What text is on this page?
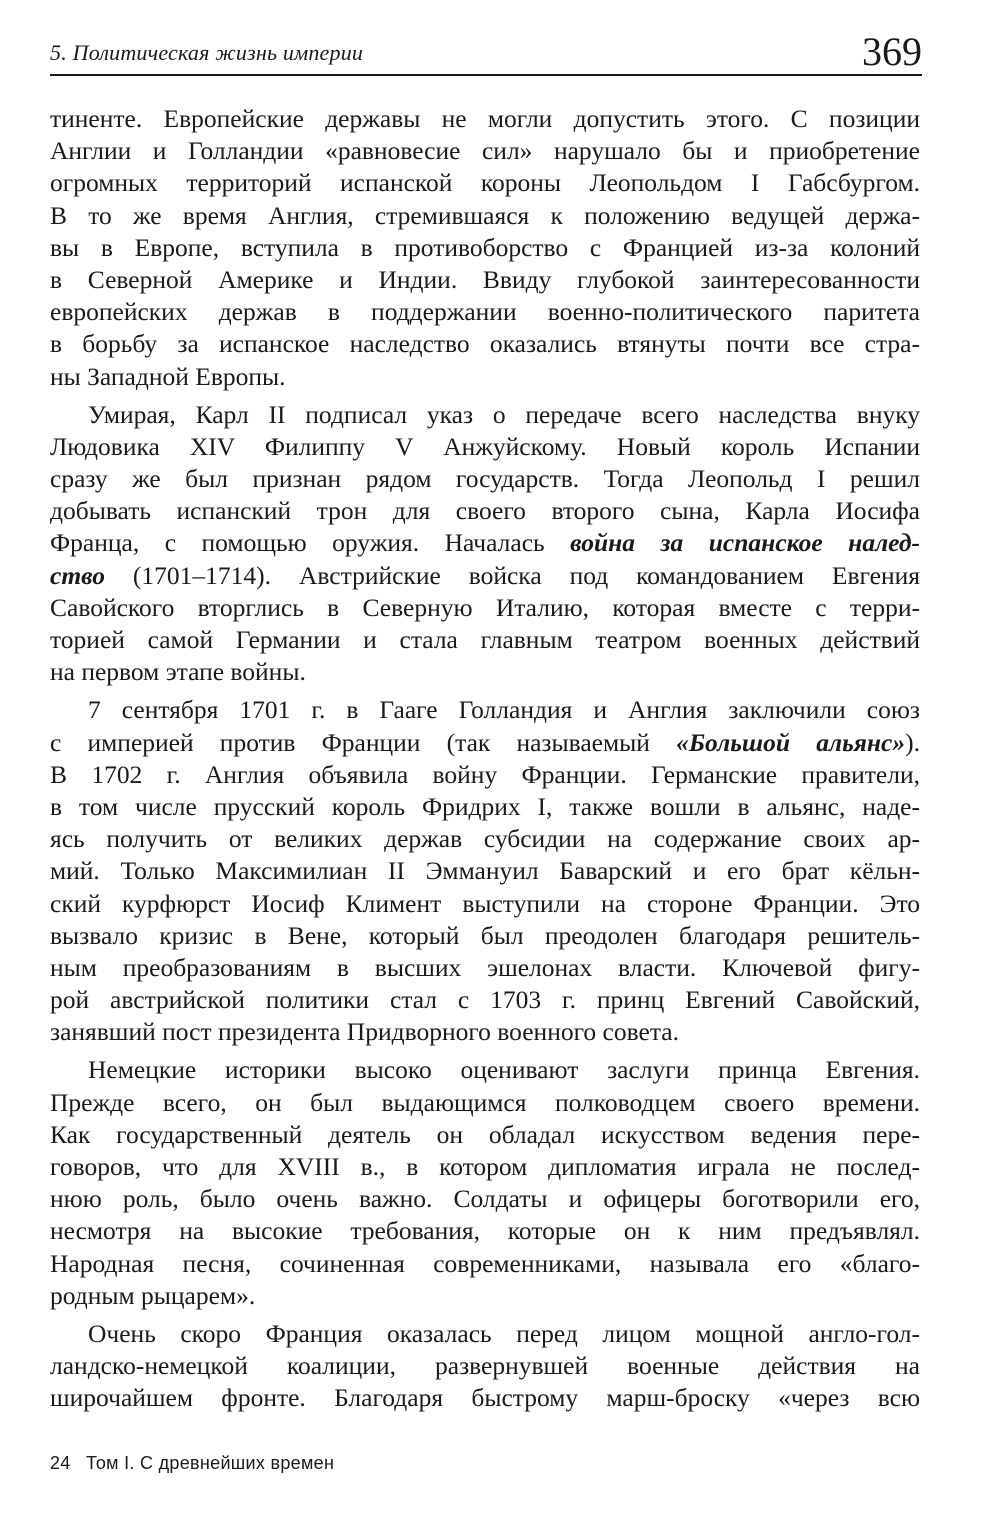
5. Политическая жизнь империи	369
тиненте. Европейские державы не могли допустить этого. С позиции
Англии и Голландии «равновесие сил» нарушало бы и приобретение
огромных территорий испанской короны Леопольдом I Габсбургом.
В то же время Англия, стремившаяся к положению ведущей держа-
вы в Европе, вступила в противоборство с Францией из-за колоний
в Северной Америке и Индии. Ввиду глубокой заинтересованности
европейских держав в поддержании военно-политического паритета
в борьбу за испанское наследство оказались втянуты почти все стра-
ны Западной Европы.
Умирая, Карл II подписал указ о передаче всего наследства внуку
Людовика XIV Филиппу V Анжуйскому. Новый король Испании
сразу же был признан рядом государств. Тогда Леопольд I решил
добывать испанский трон для своего второго сына, Карла Иосифа
Франца, с помощью оружия. Началась война за испанское налед-
ство (1701–1714). Австрийские войска под командованием Евгения
Савойского вторглись в Северную Италию, которая вместе с терри-
торией самой Германии и стала главным театром военных действий
на первом этапе войны.
7 сентября 1701 г. в Гааге Голландия и Англия заключили союз
с империей против Франции (так называемый «Большой альянс»).
В 1702 г. Англия объявила войну Франции. Германские правители,
в том числе прусский король Фридрих I, также вошли в альянс, наде-
ясь получить от великих держав субсидии на содержание своих ар-
мий. Только Максимилиан II Эммануил Баварский и его брат кёльн-
ский курфюрст Иосиф Климент выступили на стороне Франции. Это
вызвало кризис в Вене, который был преодолен благодаря решитель-
ным преобразованиям в высших эшелонах власти. Ключевой фигу-
рой австрийской политики стал с 1703 г. принц Евгений Савойский,
занявший пост президента Придворного военного совета.
Немецкие историки высоко оценивают заслуги принца Евгения.
Прежде всего, он был выдающимся полководцем своего времени.
Как государственный деятель он обладал искусством ведения пере-
говоров, что для XVIII в., в котором дипломатия играла не послед-
нюю роль, было очень важно. Солдаты и офицеры боготворили его,
несмотря на высокие требования, которые он к ним предъявлял.
Народная песня, сочиненная современниками, называла его «благо-
родным рыцарем».
Очень скоро Франция оказалась перед лицом мощной англо-гол-
ландско-немецкой коалиции, развернувшей военные действия на
широчайшем фронте. Благодаря быстрому марш-броску «через всю
24 Том I. С древнейших времен
